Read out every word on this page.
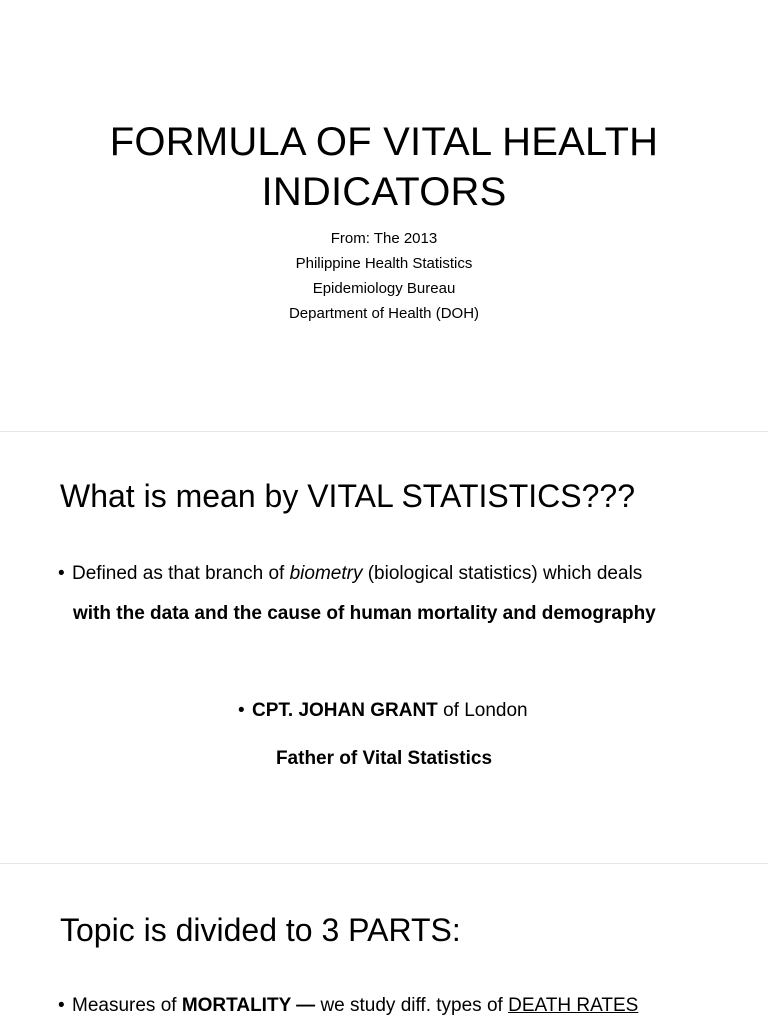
FORMULA OF VITAL HEALTH
INDICATORS
From: The 2013
Philippine Health Statistics
Epidemiology Bureau
Department of Health (DOH)
What is mean by VITAL STATISTICS???
• Defined as that branch of biometry (biological statistics) which deals
with the data and the cause of human mortality and demography
• CPT. JOHAN GRANT of London
Father of Vital Statistics
Topic is divided to 3 PARTS:
• Measures of MORTALITY — we study diff. types of DEATH RATES
